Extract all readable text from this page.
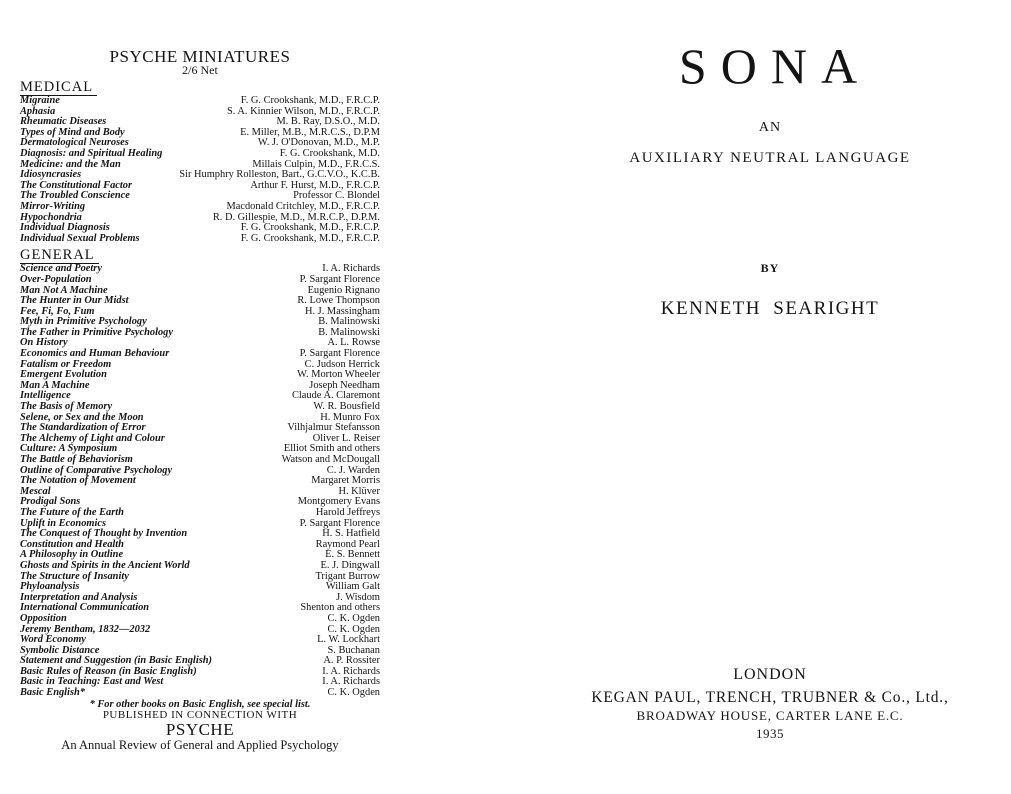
PSYCHE MINIATURES
2/6 Net
MEDICAL
Migraine	F. G. Crookshank, M.D., F.R.C.P.
Aphasia	S. A. Kinnier Wilson, M.D., F.R.C.P.
Rheumatic Diseases	M. B. Ray, D.S.O., M.D.
Types of Mind and Body	E. Miller, M.B., M.R.C.S., D.P.M
Dermatological Neuroses	W. J. O'Donovan, M.D., M.P.
Diagnosis: and Spiritual Healing	F. G. Crookshank, M.D.
Medicine: and the Man	Millais Culpin, M.D., F.R.C.S.
Idiosyncrasies	Sir Humphry Rolleston, Bart., G.C.V.O., K.C.B.
The Constitutional Factor	Arthur F. Hurst, M.D., F.R.C.P.
The Troubled Conscience	Professor C. Blondel
Mirror-Writing	Macdonald Critchley, M.D., F.R.C.P.
Hypochondria	R. D. Gillespie, M.D., M.R.C.P., D.P.M.
Individual Diagnosis	F. G. Crookshank, M.D., F.R.C.P.
Individual Sexual Problems	F. G. Crookshank, M.D., F.R.C.P.
GENERAL
Science and Poetry	I. A. Richards
Over-Population	P. Sargant Florence
Man Not A Machine	Eugenio Rignano
The Hunter in Our Midst	R. Lowe Thompson
Fee, Fi, Fo, Fum	H. J. Massingham
Myth in Primitive Psychology	B. Malinowski
The Father in Primitive Psychology	B. Malinowski
On History	A. L. Rowse
Economics and Human Behaviour	P. Sargant Florence
Fatalism or Freedom	C. Judson Herrick
Emergent Evolution	W. Morton Wheeler
Man A Machine	Joseph Needham
Intelligence	Claude A. Claremont
The Basis of Memory	W. R. Bousfield
Selene, or Sex and the Moon	H. Munro Fox
The Standardization of Error	Vilhjalmur Stefansson
The Alchemy of Light and Colour	Oliver L. Reiser
Culture: A Symposium	Elliot Smith and others
The Battle of Behaviorism	Watson and McDougall
Outline of Comparative Psychology	C. J. Warden
The Notation of Movement	Margaret Morris
Mescal	H. Klüver
Prodigal Sons	Montgomery Evans
The Future of the Earth	Harold Jeffreys
Uplift in Economics	P. Sargant Florence
The Conquest of Thought by Invention	H. S. Hatfield
Constitution and Health	Raymond Pearl
A Philosophy in Outline	E. S. Bennett
Ghosts and Spirits in the Ancient World	E. J. Dingwall
The Structure of Insanity	Trigant Burrow
Phyloanalysis	William Galt
Interpretation and Analysis	J. Wisdom
International Communication	Shenton and others
Opposition	C. K. Ogden
Jeremy Bentham, 1832—2032	C. K. Ogden
Word Economy	L. W. Lockhart
Symbolic Distance	S. Buchanan
Statement and Suggestion (in Basic English)	A. P. Rossiter
Basic Rules of Reason (in Basic English)	I. A. Richards
Basic in Teaching: East and West	I. A. Richards
Basic English*	C. K. Ogden
* For other books on Basic English, see special list.
PUBLISHED IN CONNECTION WITH
PSYCHE
An Annual Review of General and Applied Psychology
SONA
AN
AUXILIARY NEUTRAL LANGUAGE
BY
KENNETH SEARIGHT
LONDON
KEGAN PAUL, TRENCH, TRUBNER & Co., Ltd.,
BROADWAY HOUSE, CARTER LANE E.C.
1935
